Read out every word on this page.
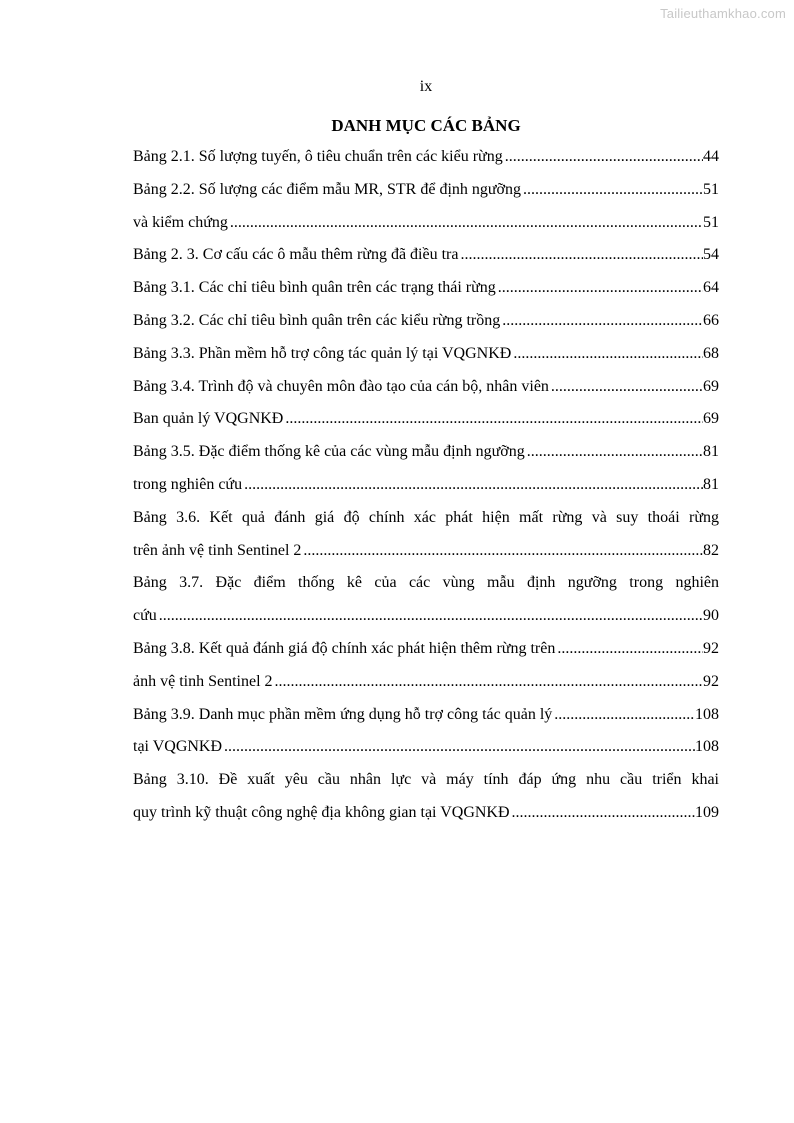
Tailieuthamkhao.com
ix
DANH MỤC CÁC BẢNG
Bảng 2.1. Số lượng tuyến, ô tiêu chuẩn trên các kiểu rừng .....	44
Bảng 2.2. Số lượng các điểm mẫu MR, STR để định ngưỡng .....	51
và kiểm chứng .....	51
Bảng 2. 3. Cơ cấu các ô mẫu thêm rừng đã điều tra .....	54
Bảng 3.1. Các chỉ tiêu bình quân trên các trạng thái rừng .....	64
Bảng 3.2. Các chỉ tiêu bình quân trên các kiểu rừng trồng .....	66
Bảng 3.3. Phần mềm hỗ trợ công tác quản lý tại VQGNKĐ .....	68
Bảng 3.4. Trình độ và chuyên môn đào tạo của cán bộ, nhân viên .....	69
Ban quản lý VQGNKĐ .....	69
Bảng 3.5. Đặc điểm thống kê của các vùng mẫu định ngưỡng .....	81
trong nghiên cứu .....	81
Bảng 3.6. Kết quả đánh giá độ chính xác phát hiện mất rừng và suy thoái rừng
trên ảnh vệ tinh Sentinel 2 .....	82
Bảng 3.7. Đặc điểm thống kê của các vùng mẫu định ngưỡng trong nghiên
cứu .....	90
Bảng 3.8. Kết quả đánh giá độ chính xác phát hiện thêm rừng trên .....	92
ảnh vệ tinh Sentinel 2 .....	92
Bảng 3.9. Danh mục phần mềm ứng dụng hỗ trợ công tác quản lý .....	108
tại VQGNKĐ .....	108
Bảng 3.10. Đề xuất yêu cầu nhân lực và máy tính đáp ứng nhu cầu triển khai
quy trình kỹ thuật công nghệ địa không gian tại VQGNKĐ .....	109
